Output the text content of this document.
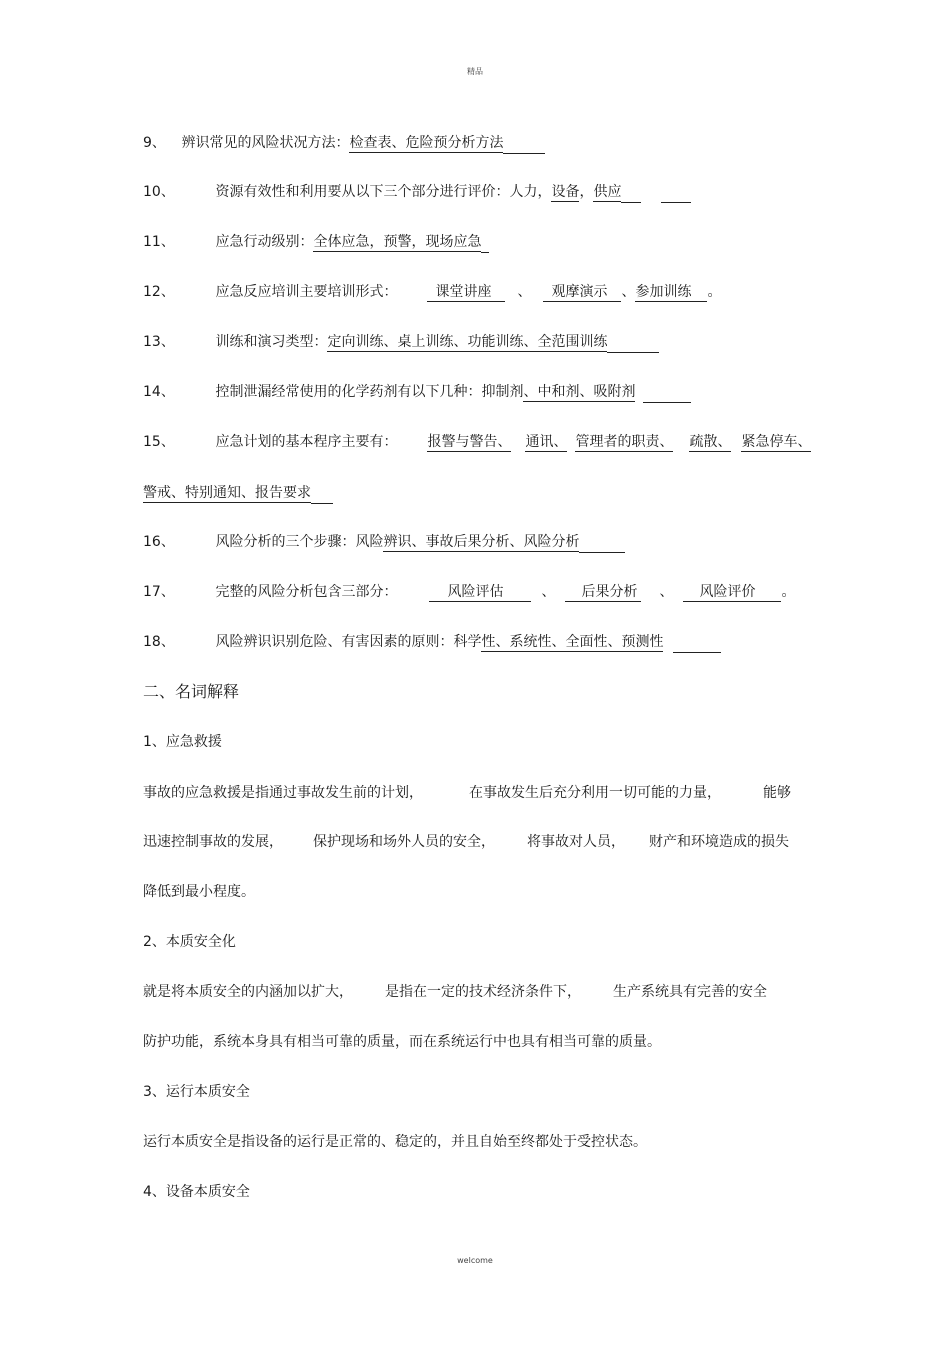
精品
9、 辨识常见的风险状况方法：检查表、危险预分析方法
10、	资源有效性和利用要从以下三个部分进行评价：人力，设备，供应
11、	应急行动级别：全体应急，预警，现场应急
12、	应急反应培训主要培训形式：	课堂讲座 、 观摩演示 、参加训练 。
13、	训练和演习类型：定向训练、桌上训练、功能训练、全范围训练
14、	控制泄漏经常使用的化学药剂有以下几种：抑制剂、中和剂、吸附剂
15、	应急计划的基本程序主要有： 报警与警告、 通讯、 管理者的职责、 疏散、 紧急停车、
警戒、特别通知、报告要求
16、	风险分析的三个步骤：风险辨识、事故后果分析、风险分析
17、	完整的风险分析包含三部分：	风险评估	、 后果分析 、 风险评价 。
18、	风险辨识识别危险、有害因素的原则：科学性、系统性、全面性、预测性
二、名词解释
1、应急救援
事故的应急救援是指通过事故发生前的计划，	在事故发生后充分利用一切可能的力量，	能够
迅速控制事故的发展， 保护现场和场外人员的安全， 将事故对人员， 财产和环境造成的损失
降低到最小程度。
2、本质安全化
就是将本质安全的内涵加以扩大， 是指在一定的技术经济条件下， 生产系统具有完善的安全
防护功能，系统本身具有相当可靠的质量，而在系统运行中也具有相当可靠的质量。
3、运行本质安全
运行本质安全是指设备的运行是正常的、稳定的，并且自始至终都处于受控状态。
4、设备本质安全
welcome
